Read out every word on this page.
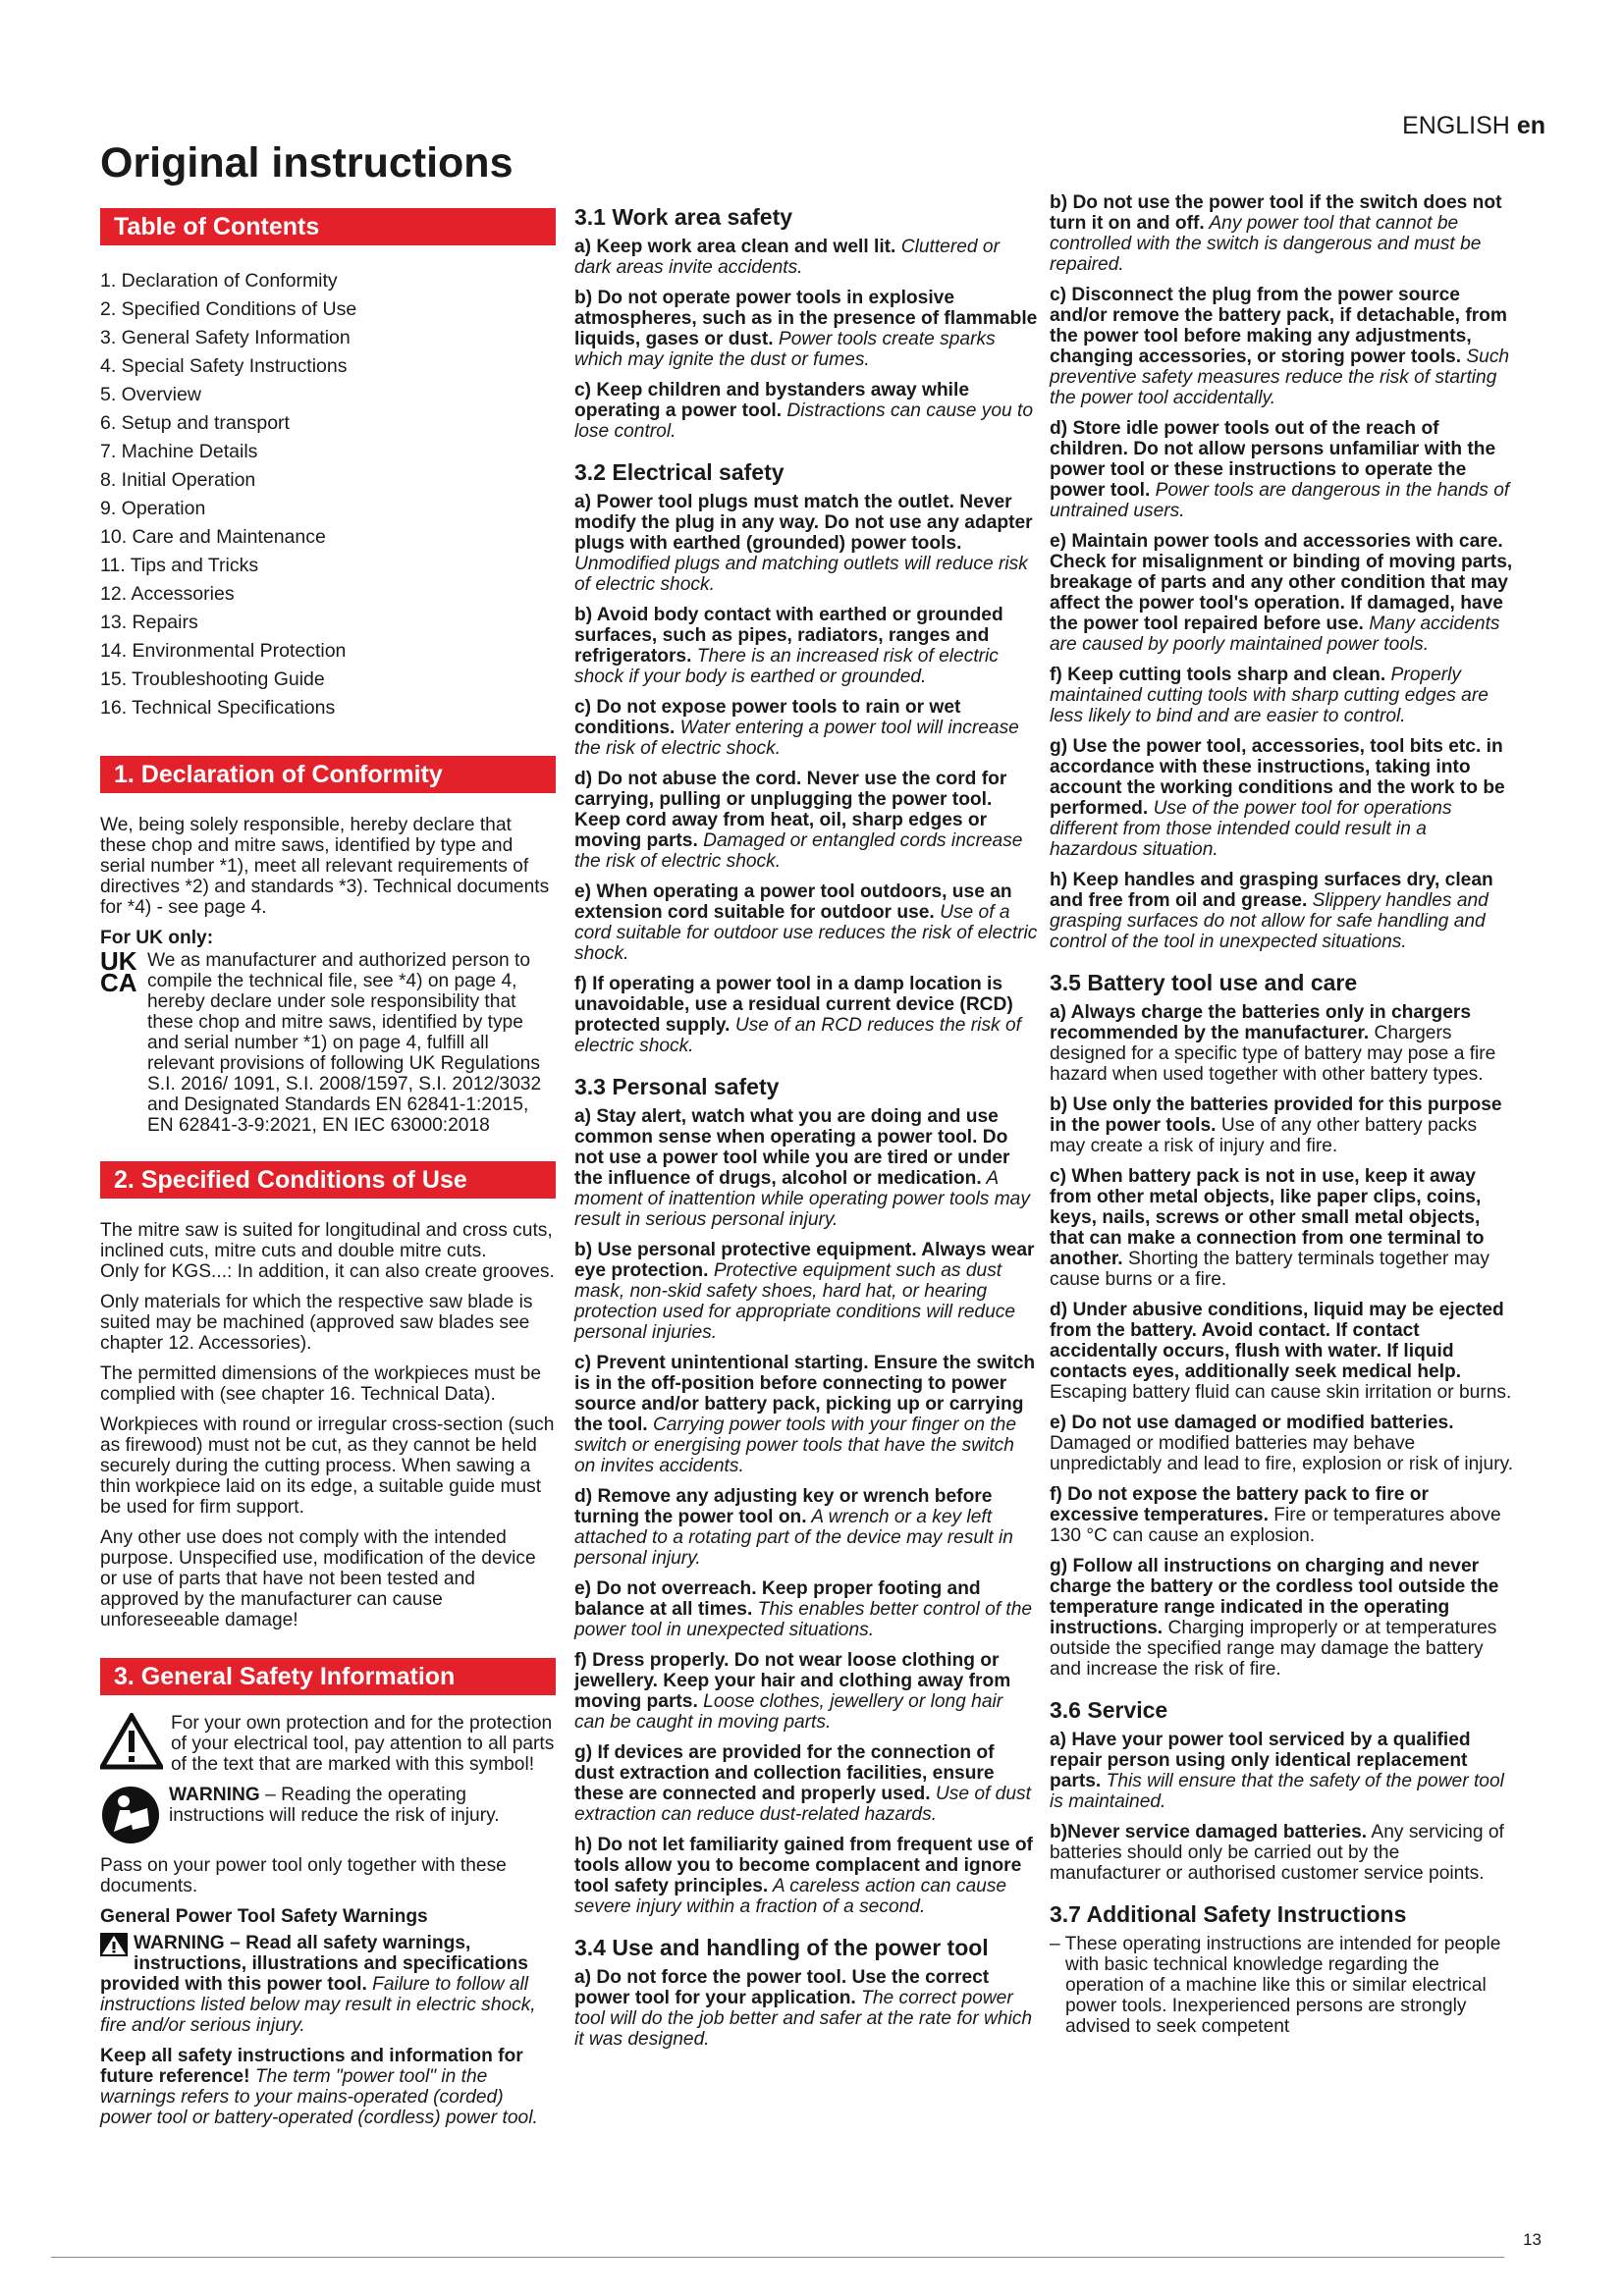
ENGLISH en
Original instructions
Table of Contents
1. Declaration of Conformity
2. Specified Conditions of Use
3. General Safety Information
4. Special Safety Instructions
5. Overview
6. Setup and transport
7. Machine Details
8. Initial Operation
9. Operation
10. Care and Maintenance
11. Tips and Tricks
12. Accessories
13. Repairs
14. Environmental Protection
15. Troubleshooting Guide
16. Technical Specifications
1. Declaration of Conformity

We, being solely responsible, hereby declare that these chop and mitre saws, identified by type and serial number *1), meet all relevant requirements of directives *2) and standards *3). Technical documents for *4) - see page 4.

For UK only:

UK CA
We as manufacturer and authorized person to compile the technical file, see *4) on page 4, hereby declare under sole responsibility that these chop and mitre saws, identified by type and serial number *1) on page 4, fulfill all relevant provisions of following UK Regulations S.I. 2016/ 1091, S.I. 2008/1597, S.I. 2012/3032 and Designated Standards EN 62841-1:2015, EN 62841-3-9:2021, EN IEC 63000:2018
2. Specified Conditions of Use

The mitre saw is suited for longitudinal and cross cuts, inclined cuts, mitre cuts and double mitre cuts.

Only for KGS...: In addition, it can also create grooves.

Only materials for which the respective saw blade is suited may be machined (approved saw blades see chapter 12. Accessories).

The permitted dimensions of the workpieces must be complied with (see chapter 16. Technical Data).

Workpieces with round or irregular cross-section (such as firewood) must not be cut, as they cannot be held securely during the cutting process. When sawing a thin workpiece laid on its edge, a suitable guide must be used for firm support.

Any other use does not comply with the intended purpose. Unspecified use, modification of the device or use of parts that have not been tested and approved by the manufacturer can cause unforeseeable damage!

3. General Safety Information
For your own protection and for the protection of your electrical tool, pay attention to all parts of the text that are marked with this symbol!
WARNING – Reading the operating instructions will reduce the risk of injury.

Pass on your power tool only together with these documents.

General Power Tool Safety Warnings

WARNING – Read all safety warnings, instructions, illustrations and specifications provided with this power tool. Failure to follow all instructions listed below may result in electric shock, fire and/or serious injury.

Keep all safety instructions and information for future reference! The term "power tool" in the warnings refers to your mains-operated (corded) power tool or battery-operated (cordless) power tool.

3.1 Work area safety

a) Keep work area clean and well lit. Cluttered or dark areas invite accidents.

b) Do not operate power tools in explosive atmospheres, such as in the presence of flammable liquids, gases or dust. Power tools create sparks which may ignite the dust or fumes.

c) Keep children and bystanders away while operating a power tool. Distractions can cause you to lose control.

3.2 Electrical safety

a) Power tool plugs must match the outlet. Never modify the plug in any way. Do not use any adapter plugs with earthed (grounded) power tools. Unmodified plugs and matching outlets will reduce risk of electric shock.

b) Avoid body contact with earthed or grounded surfaces, such as pipes, radiators, ranges and refrigerators. There is an increased risk of electric shock if your body is earthed or grounded.

c) Do not expose power tools to rain or wet conditions. Water entering a power tool will increase the risk of electric shock.

d) Do not abuse the cord. Never use the cord for carrying, pulling or unplugging the power tool. Keep cord away from heat, oil, sharp edges or moving parts. Damaged or entangled cords increase the risk of electric shock.

e) When operating a power tool outdoors, use an extension cord suitable for outdoor use. Use of a cord suitable for outdoor use reduces the risk of electric shock.

f) If operating a power tool in a damp location is unavoidable, use a residual current device (RCD) protected supply. Use of an RCD reduces the risk of electric shock.

3.3 Personal safety

a) Stay alert, watch what you are doing and use common sense when operating a power tool. Do not use a power tool while you are tired or under the influence of drugs, alcohol or medication. A moment of inattention while operating power tools may result in serious personal injury.

b) Use personal protective equipment. Always wear eye protection. Protective equipment such as dust mask, non-skid safety shoes, hard hat, or hearing protection used for appropriate conditions will reduce personal injuries.

c) Prevent unintentional starting. Ensure the switch is in the off-position before connecting to power source and/or battery pack, picking up or carrying the tool. Carrying power tools with your finger on the switch or energising power tools that have the switch on invites accidents.

d) Remove any adjusting key or wrench before turning the power tool on. A wrench or a key left attached to a rotating part of the device may result in personal injury.

e) Do not overreach. Keep proper footing and balance at all times. This enables better control of the power tool in unexpected situations.

f) Dress properly. Do not wear loose clothing or jewellery. Keep your hair and clothing away from moving parts. Loose clothes, jewellery or long hair can be caught in moving parts.

g) If devices are provided for the connection of dust extraction and collection facilities, ensure these are connected and properly used. Use of dust extraction can reduce dust-related hazards.

h) Do not let familiarity gained from frequent use of tools allow you to become complacent and ignore tool safety principles. A careless action can cause severe injury within a fraction of a second.

3.4 Use and handling of the power tool

a) Do not force the power tool. Use the correct power tool for your application. The correct power tool will do the job better and safer at the rate for which it was designed.

b) Do not use the power tool if the switch does not turn it on and off. Any power tool that cannot be controlled with the switch is dangerous and must be repaired.

c) Disconnect the plug from the power source and/or remove the battery pack, if detachable, from the power tool before making any adjustments, changing accessories, or storing power tools. Such preventive safety measures reduce the risk of starting the power tool accidentally.

d) Store idle power tools out of the reach of children. Do not allow persons unfamiliar with the power tool or these instructions to operate the power tool. Power tools are dangerous in the hands of untrained users.

e) Maintain power tools and accessories with care. Check for misalignment or binding of moving parts, breakage of parts and any other condition that may affect the power tool's operation. If damaged, have the power tool repaired before use. Many accidents are caused by poorly maintained power tools.

f) Keep cutting tools sharp and clean. Properly maintained cutting tools with sharp cutting edges are less likely to bind and are easier to control.

g) Use the power tool, accessories, tool bits etc. in accordance with these instructions, taking into account the working conditions and the work to be performed. Use of the power tool for operations different from those intended could result in a hazardous situation.

h) Keep handles and grasping surfaces dry, clean and free from oil and grease. Slippery handles and grasping surfaces do not allow for safe handling and control of the tool in unexpected situations.

3.5 Battery tool use and care

a) Always charge the batteries only in chargers recommended by the manufacturer. Chargers designed for a specific type of battery may pose a fire hazard when used together with other battery types.

b) Use only the batteries provided for this purpose in the power tools. Use of any other battery packs may create a risk of injury and fire.

c) When battery pack is not in use, keep it away from other metal objects, like paper clips, coins, keys, nails, screws or other small metal objects, that can make a connection from one terminal to another. Shorting the battery terminals together may cause burns or a fire.

d) Under abusive conditions, liquid may be ejected from the battery. Avoid contact. If contact accidentally occurs, flush with water. If liquid contacts eyes, additionally seek medical help. Escaping battery fluid can cause skin irritation or burns.

e) Do not use damaged or modified batteries. Damaged or modified batteries may behave unpredictably and lead to fire, explosion or risk of injury.

f) Do not expose the battery pack to fire or excessive temperatures. Fire or temperatures above 130 °C can cause an explosion.

g) Follow all instructions on charging and never charge the battery or the cordless tool outside the temperature range indicated in the operating instructions. Charging improperly or at temperatures outside the specified range may damage the battery and increase the risk of fire.

3.6 Service

a) Have your power tool serviced by a qualified repair person using only identical replacement parts. This will ensure that the safety of the power tool is maintained.

b)Never service damaged batteries. Any servicing of batteries should only be carried out by the manufacturer or authorised customer service points.

3.7 Additional Safety Instructions

– These operating instructions are intended for people with basic technical knowledge regarding the operation of a machine like this or similar electrical power tools. Inexperienced persons are strongly advised to seek competent

13
